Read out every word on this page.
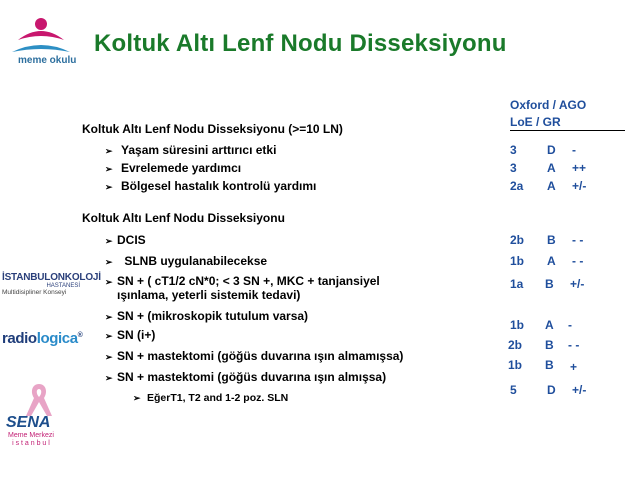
meme okulu
İSTANBULONKOLOJİ
HASTANESİ
Multidisipliner Konseyi
radiologica®
SENA
Meme Merkezi
i s t a n b u l
Koltuk Altı Lenf Nodu Disseksiyonu
Oxford / AGO
LoE / GR
Koltuk Altı Lenf Nodu Disseksiyonu (>=10 LN)
➢ Yaşam süresini arttırıcı etki
➢ Evrelemede yardımcı
➢ Bölgesel hastalık kontrolü yardımı
3	D -
3	A ++
2a A +/-
Koltuk Altı Lenf Nodu Disseksiyonu
➢ DCIS
➢ SLNB uygulanabilecekse
➢ SN + ( cT1/2 cN*0; < 3 SN +, MKC + tanjansiyel
ışınlama, yeterli sistemik tedavi)
➢ SN + (mikroskopik tutulum varsa)
➢ SN (i+)
➢ SN + mastektomi (göğüs duvarına ışın almamışsa)
➢ SN + mastektomi (göğüs duvarına ışın almışsa)
➢ EğerT1, T2 and 1-2 poz. SLN
2b B - -
1b A - -
1a B +/-
1b A -
2b B - -
1b B +
5	D +/-
